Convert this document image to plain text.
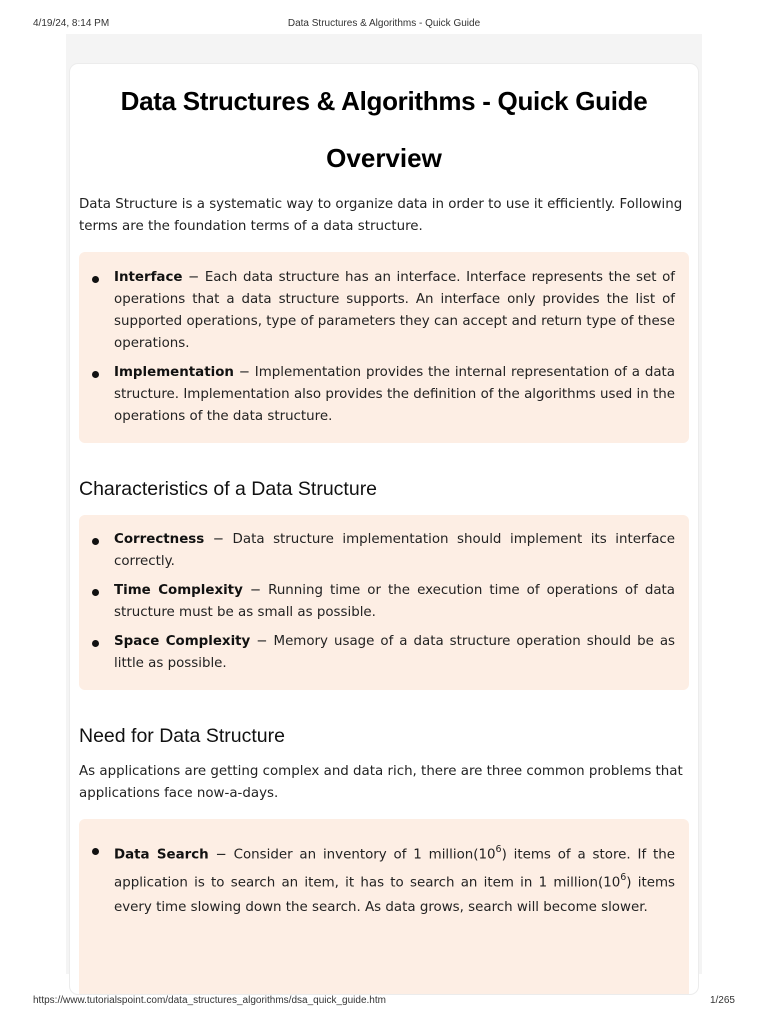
4/19/24, 8:14 PM	Data Structures & Algorithms - Quick Guide
Data Structures & Algorithms - Quick Guide
Overview
Data Structure is a systematic way to organize data in order to use it efficiently. Following terms are the foundation terms of a data structure.
Interface − Each data structure has an interface. Interface represents the set of operations that a data structure supports. An interface only provides the list of supported operations, type of parameters they can accept and return type of these operations.
Implementation − Implementation provides the internal representation of a data structure. Implementation also provides the definition of the algorithms used in the operations of the data structure.
Characteristics of a Data Structure
Correctness − Data structure implementation should implement its interface correctly.
Time Complexity − Running time or the execution time of operations of data structure must be as small as possible.
Space Complexity − Memory usage of a data structure operation should be as little as possible.
Need for Data Structure
As applications are getting complex and data rich, there are three common problems that applications face now-a-days.
Data Search − Consider an inventory of 1 $million(10^6)$ items of a store. If the application is to search an item, it has to search an item in 1 $million(10^6)$ items every time slowing down the search. As data grows, search will become slower.
https://www.tutorialspoint.com/data_structures_algorithms/dsa_quick_guide.htm	1/265
